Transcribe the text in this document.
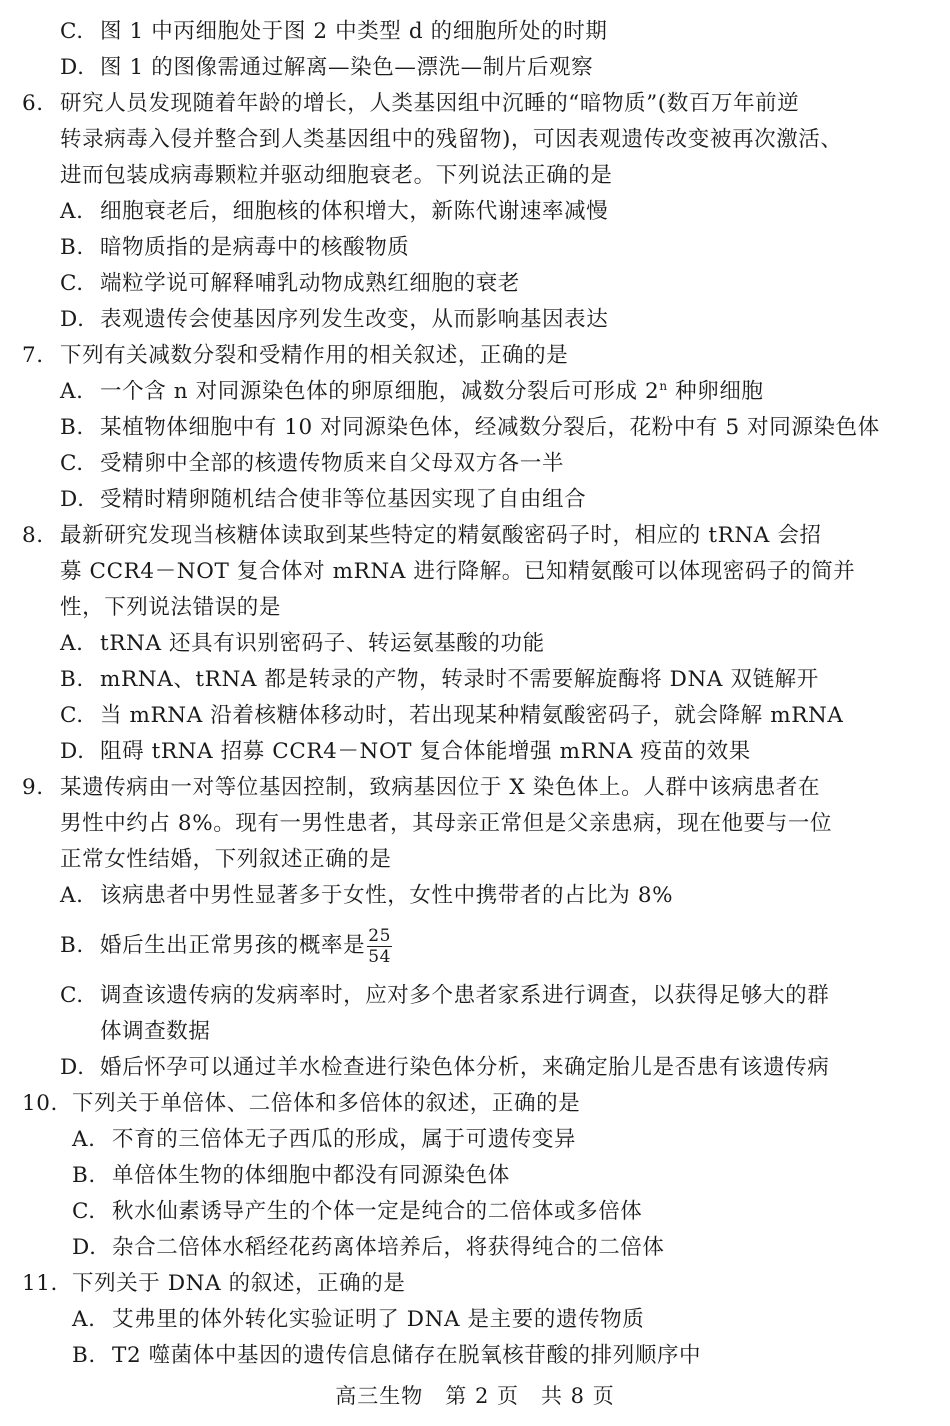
C. 图 1 中丙细胞处于图 2 中类型 d 的细胞所处的时期
D. 图 1 的图像需通过解离—染色—漂洗—制片后观察
6. 研究人员发现随着年龄的增长，人类基因组中沉睡的“暗物质”(数百万年前逆
转录病毒入侵并整合到人类基因组中的残留物)，可因表观遗传改变被再次激活、
进而包装成病毒颗粒并驱动细胞衰老。下列说法正确的是
A. 细胞衰老后，细胞核的体积增大，新陈代谢速率减慢
B. 暗物质指的是病毒中的核酸物质
C. 端粒学说可解释哺乳动物成熟红细胞的衰老
D. 表观遗传会使基因序列发生改变，从而影响基因表达
7. 下列有关减数分裂和受精作用的相关叙述，正确的是
A. 一个含 n 对同源染色体的卵原细胞，减数分裂后可形成 2$^n$ 种卵细胞
B. 某植物体细胞中有 10 对同源染色体，经减数分裂后，花粉中有 5 对同源染色体
C. 受精卵中全部的核遗传物质来自父母双方各一半
D. 受精时精卵随机结合使非等位基因实现了自由组合
8. 最新研究发现当核糖体读取到某些特定的精氨酸密码子时，相应的 tRNA 会招
募 CCR4－NOT 复合体对 mRNA 进行降解。已知精氨酸可以体现密码子的简并
性，下列说法错误的是
A. tRNA 还具有识别密码子、转运氨基酸的功能
B. mRNA、tRNA 都是转录的产物，转录时不需要解旋酶将 DNA 双链解开
C. 当 mRNA 沿着核糖体移动时，若出现某种精氨酸密码子，就会降解 mRNA
D. 阻碍 tRNA 招募 CCR4－NOT 复合体能增强 mRNA 疫苗的效果
9. 某遗传病由一对等位基因控制，致病基因位于 X 染色体上。人群中该病患者在
男性中约占 8%。现有一男性患者，其母亲正常但是父亲患病，现在他要与一位
正常女性结婚，下列叙述正确的是
A. 该病患者中男性显著多于女性，女性中携带者的占比为 8%
B. 婚后生出正常男孩的概率是 $\frac{25}{54}$
C. 调查该遗传病的发病率时，应对多个患者家系进行调查，以获得足够大的群
体调查数据
D. 婚后怀孕可以通过羊水检查进行染色体分析，来确定胎儿是否患有该遗传病
10. 下列关于单倍体、二倍体和多倍体的叙述，正确的是
A. 不育的三倍体无子西瓜的形成，属于可遗传变异
B. 单倍体生物的体细胞中都没有同源染色体
C. 秋水仙素诱导产生的个体一定是纯合的二倍体或多倍体
D. 杂合二倍体水稻经花药离体培养后，将获得纯合的二倍体
11. 下列关于 DNA 的叙述，正确的是
A. 艾弗里的体外转化实验证明了 DNA 是主要的遗传物质
B. T2 噬菌体中基因的遗传信息储存在脱氧核苷酸的排列顺序中
高三生物　第 2 页　共 8 页
